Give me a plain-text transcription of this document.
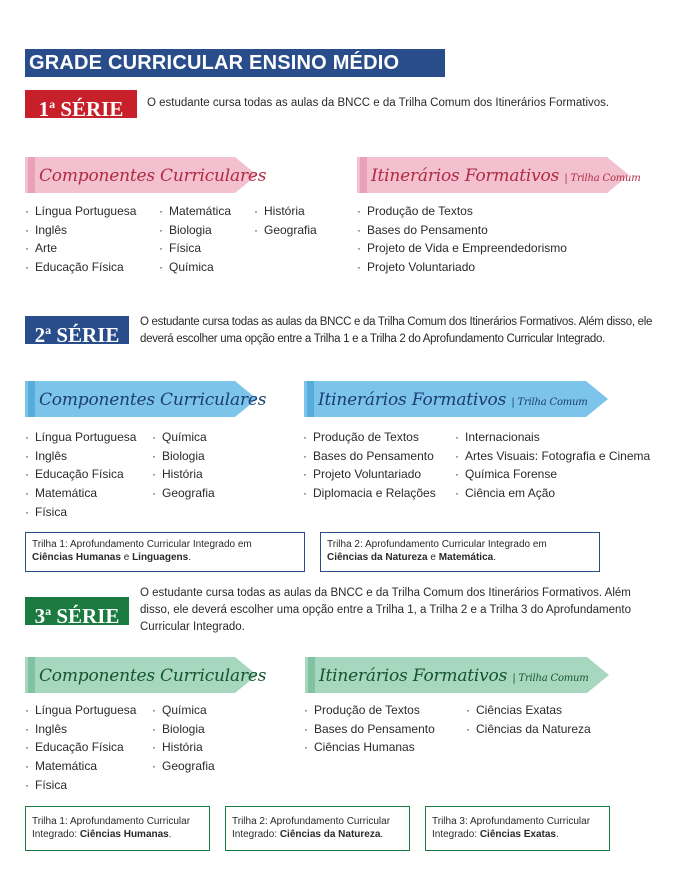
GRADE CURRICULAR ENSINO MÉDIO
1$^a$ SÉRIE	O estudante cursa todas as aulas da BNCC e da Trilha Comum dos Itinerários Formativos.
Componentes Curriculares	Itinerários Formativos | Trilha Comum
· Língua Portuguesa
· Inglês
· Arte
· Educação Física
· Matemática
· Biologia
· Física
· Química
· História
· Geografia
· Produção de Textos
· Bases do Pensamento
· Projeto de Vida e Empreendedorismo
· Projeto Voluntariado
2$^a$ SÉRIE
O estudante cursa todas as aulas da BNCC e da Trilha Comum dos Itinerários Formativos. Além disso, ele
deverá escolher uma opção entre a Trilha 1 e a Trilha 2 do Aprofundamento Curricular Integrado.
Componentes Curriculares	Itinerários Formativos | Trilha Comum
· Língua Portuguesa
· Inglês
· Educação Física
· Matemática
· Física
· Química
· Biologia
· História
· Geografia
· Produção de Textos
· Bases do Pensamento
· Projeto Voluntariado
· Diplomacia e Relações
· Internacionais
· Artes Visuais: Fotografia e Cinema
· Química Forense
· Ciência em Ação
Trilha 1: Aprofundamento Curricular Integrado em
Ciências Humanas e Linguagens.
Trilha 2: Aprofundamento Curricular Integrado em
Ciências da Natureza e Matemática.
3$^a$ SÉRIE
O estudante cursa todas as aulas da BNCC e da Trilha Comum dos Itinerários Formativos. Além
disso, ele deverá escolher uma opção entre a Trilha 1, a Trilha 2 e a Trilha 3 do Aprofundamento
Curricular Integrado.
Componentes Curriculares	Itinerários Formativos | Trilha Comum
· Língua Portuguesa
· Inglês
· Educação Física
· Matemática
· Física
· Química
· Biologia
· História
· Geografia
· Produção de Textos
· Bases do Pensamento
· Ciências Humanas
· Ciências Exatas
· Ciências da Natureza
Trilha 1: Aprofundamento Curricular
Integrado: Ciências Humanas.
Trilha 2: Aprofundamento Curricular
Integrado: Ciências da Natureza.
Trilha 3: Aprofundamento Curricular
Integrado: Ciências Exatas.
